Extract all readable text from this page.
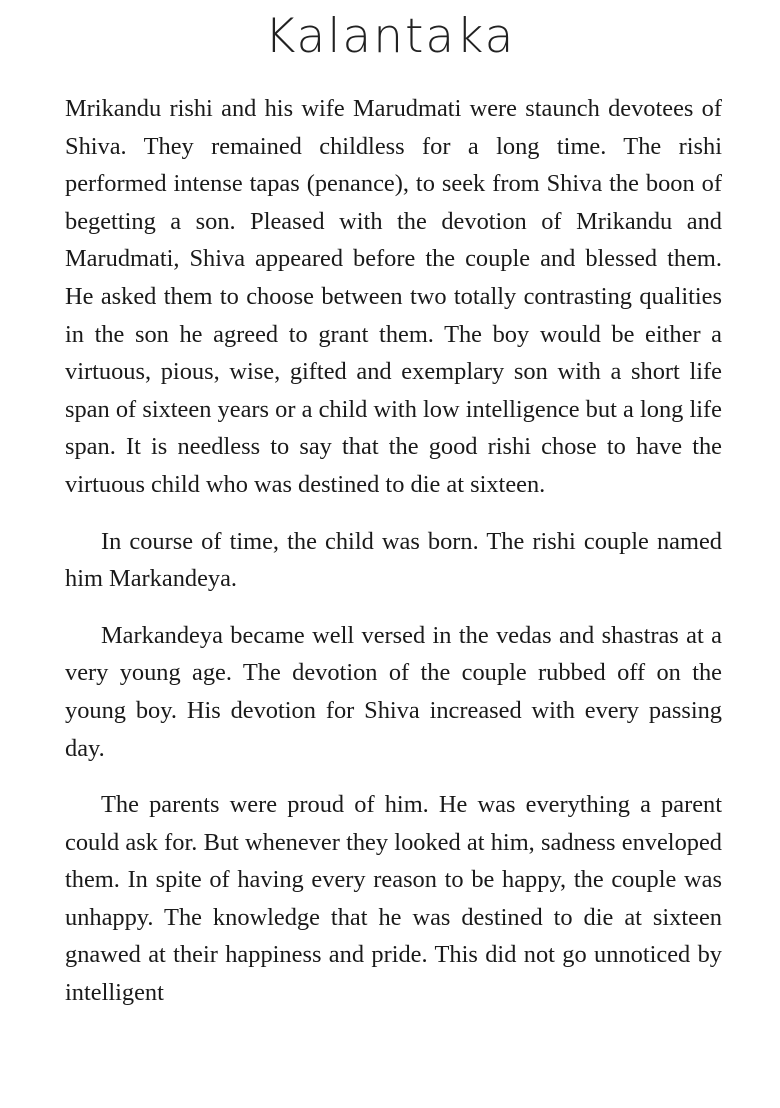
Kalantaka

Mrikandu rishi and his wife Marudmati were staunch devotees of Shiva. They remained childless for a long time. The rishi performed intense tapas (penance), to seek from Shiva the boon of begetting a son. Pleased with the devotion of Mrikandu and Marudmati, Shiva appeared before the couple and blessed them. He asked them to choose between two totally contrasting qualities in the son he agreed to grant them. The boy would be either a virtuous, pious, wise, gifted and exemplary son with a short life span of sixteen years or a child with low intelligence but a long life span. It is needless to say that the good rishi chose to have the virtuous child who was destined to die at sixteen.

In course of time, the child was born. The rishi couple named him Markandeya.

Markandeya became well versed in the vedas and shastras at a very young age. The devotion of the couple rubbed off on the young boy. His devotion for Shiva increased with every passing day.

The parents were proud of him. He was everything a parent could ask for. But whenever they looked at him, sadness enveloped them. In spite of having every reason to be happy, the couple was unhappy. The knowledge that he was destined to die at sixteen gnawed at their happiness and pride. This did not go unnoticed by intelligent
